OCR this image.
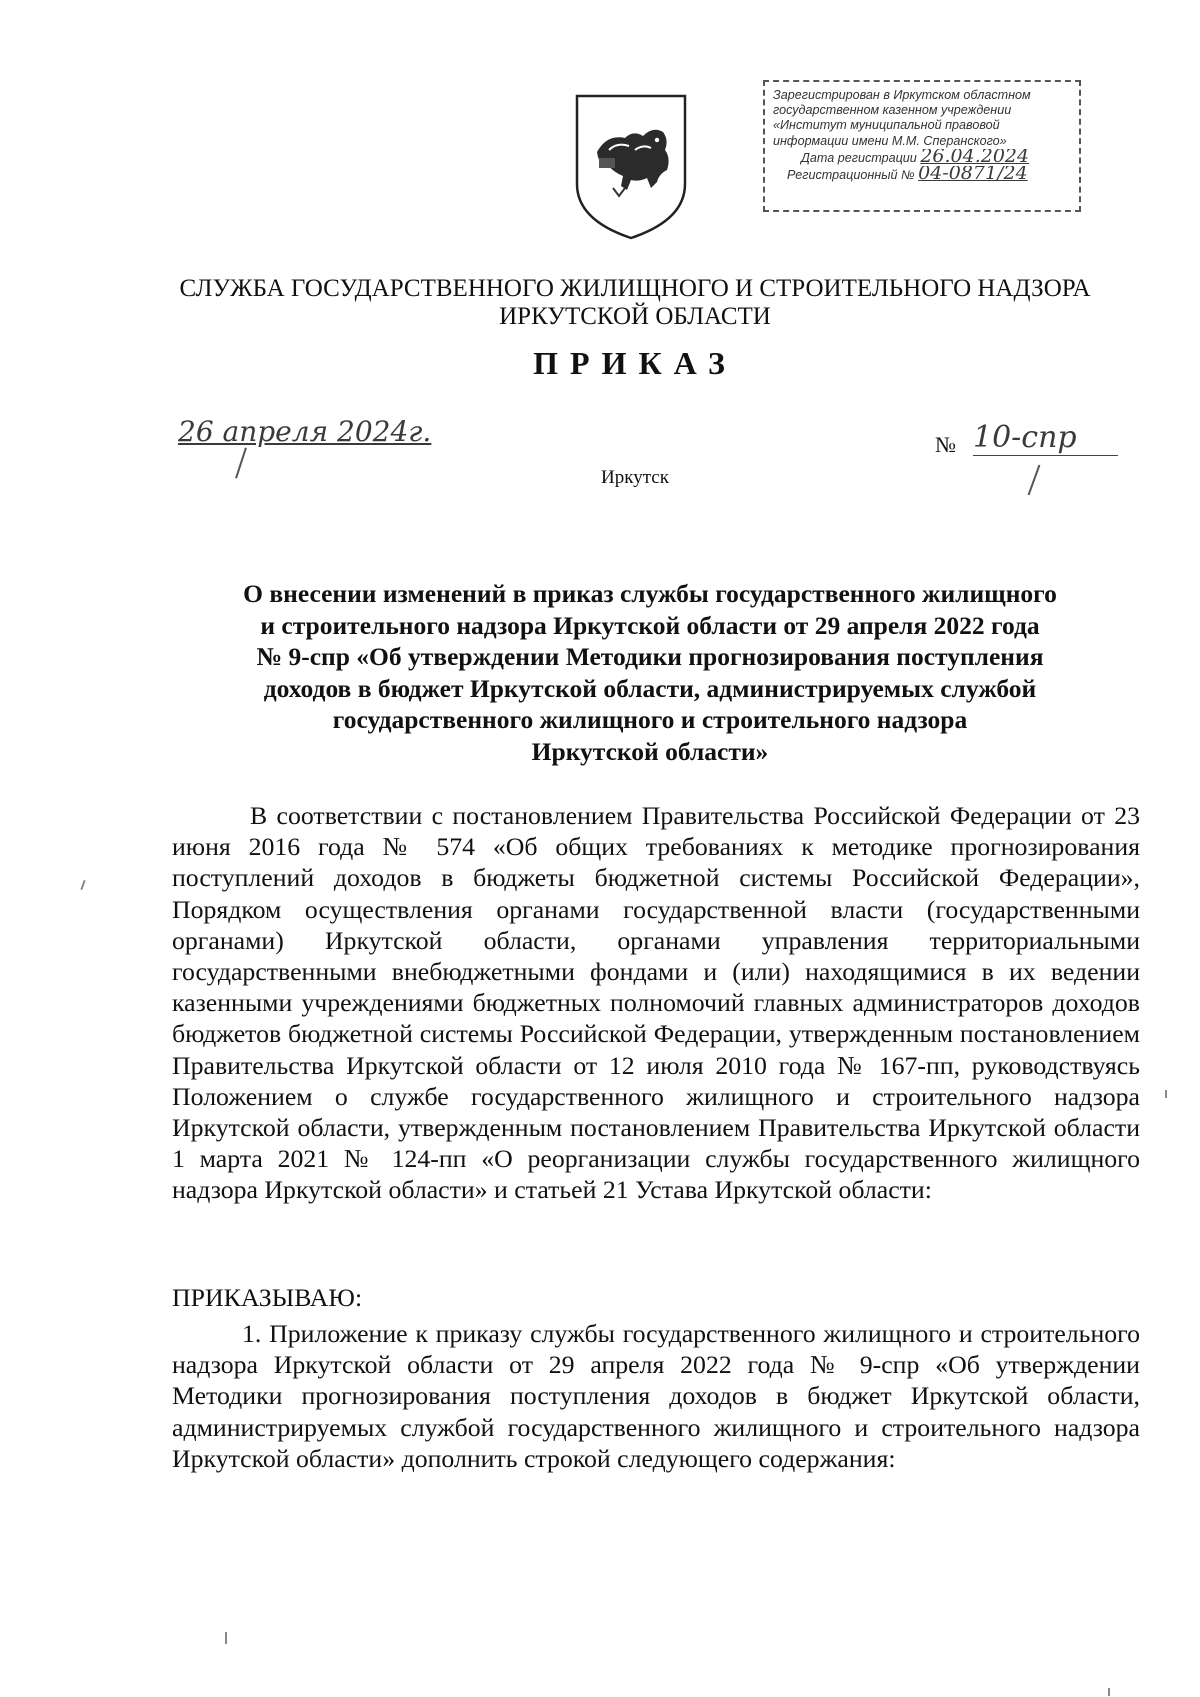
Зарегистрирован в Иркутском областном
государственном казенном учреждении
«Институт муниципальной правовой
информации имени М.М. Сперанского»
Дата регистрации 26.04.2024
Регистрационный № 04-0871/24
СЛУЖБА ГОСУДАРСТВЕННОГО ЖИЛИЩНОГО И СТРОИТЕЛЬНОГО НАДЗОРА
ИРКУТСКОЙ ОБЛАСТИ
ПРИКАЗ
26 апреля 2024г.
Иркутск
№ 10-спр
О внесении изменений в приказ службы государственного жилищного
и строительного надзора Иркутской области от 29 апреля 2022 года
№ 9-спр «Об утверждении Методики прогнозирования поступления
доходов в бюджет Иркутской области, администрируемых службой
государственного жилищного и строительного надзора
Иркутской области»
В соответствии с постановлением Правительства Российской Федерации от 23 июня 2016 года № 574 «Об общих требованиях к методике прогнозирования поступлений доходов в бюджеты бюджетной системы Российской Федерации», Порядком осуществления органами государственной власти (государственными органами) Иркутской области, органами управления территориальными государственными внебюджетными фондами и (или) находящимися в их ведении казенными учреждениями бюджетных полномочий главных администраторов доходов бюджетов бюджетной системы Российской Федерации, утвержденным постановлением Правительства Иркутской области от 12 июля 2010 года № 167-пп, руководствуясь Положением о службе государственного жилищного и строительного надзора Иркутской области, утвержденным постановлением Правительства Иркутской области 1 марта 2021 № 124-пп «О реорганизации службы государственного жилищного надзора Иркутской области» и статьей 21 Устава Иркутской области:
ПРИКАЗЫВАЮ:
1. Приложение к приказу службы государственного жилищного и строительного надзора Иркутской области от 29 апреля 2022 года № 9-спр «Об утверждении Методики прогнозирования поступления доходов в бюджет Иркутской области, администрируемых службой государственного жилищного и строительного надзора Иркутской области» дополнить строкой следующего содержания:
